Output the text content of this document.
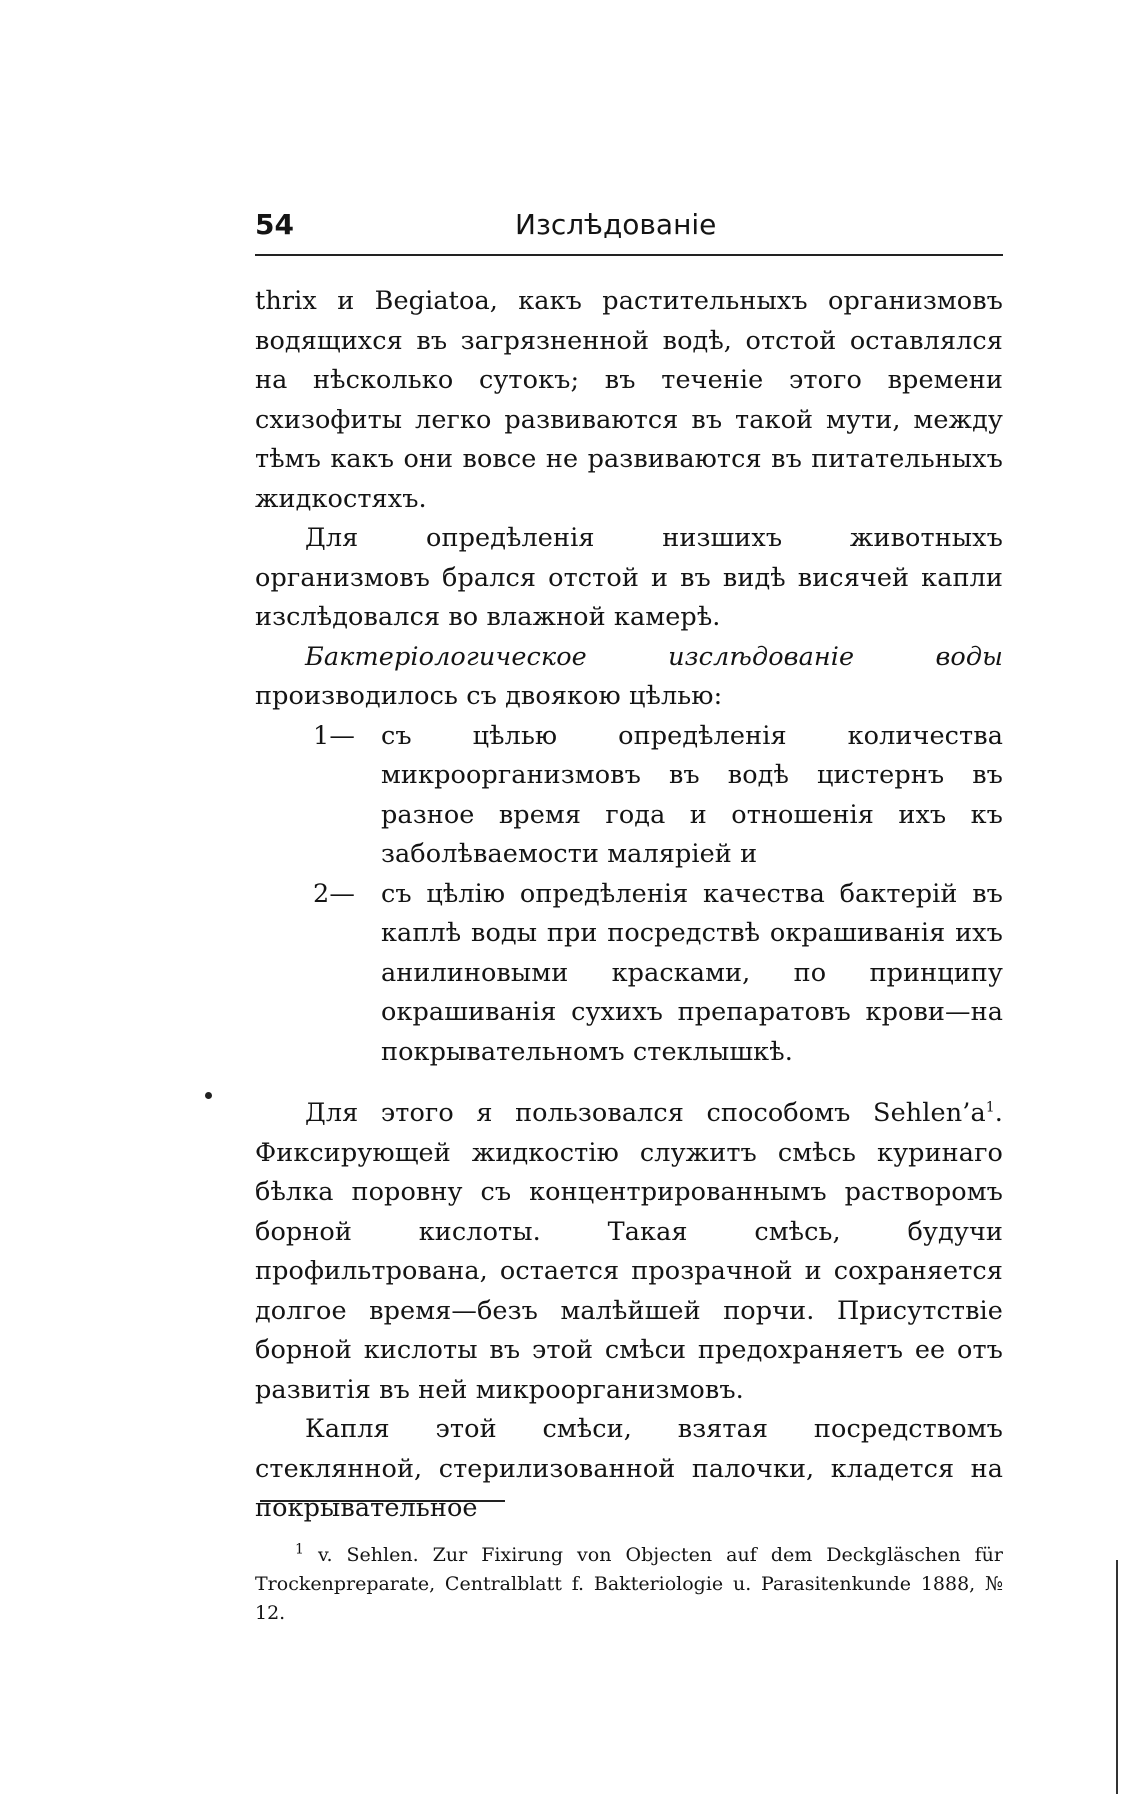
54	Изслѣдованіе

thrix и Begiatoa, какъ растительныхъ организмовъ водящихся въ загрязненной водѣ, отстой оставлялся на нѣсколько сутокъ; въ теченіе этого времени схизофиты легко развиваются въ такой мути, между тѣмъ какъ они вовсе не развиваются въ питательныхъ жидкостяхъ.

Для опредѣленія низшихъ животныхъ организмовъ брался отстой и въ видѣ висячей капли изслѣдовался во влажной камерѣ.

Бактеріологическое изслѣдованіе воды производилось съ двоякою цѣлью:

1—	съ цѣлью опредѣленія количества микроорганизмовъ въ водѣ цистернъ въ разное время года и отношенія ихъ къ заболѣваемости малярiей и
2—	съ цѣлiю опредѣленія качества бактерiй въ каплѣ воды при посредствѣ окрашиванія ихъ анилиновыми красками, по принципу окрашиванія сухихъ препаратовъ крови—на покрывательномъ стеклышкѣ.

Для этого я пользовался способомъ $Sehlen’a^1$. Фиксирующей жидкостію служитъ смѣсь куринаго бѣлка поровну съ концентрированнымъ растворомъ борной кислоты. Такая смѣсь, будучи профильтрована, остается прозрачной и сохраняется долгое время—безъ малѣйшей порчи. Присутствіе борной кислоты въ этой смѣси предохраняетъ ее отъ развитія въ ней микроорганизмовъ.

Капля этой смѣси, взятая посредствомъ стеклянной, стерилизованной палочки, кладется на покрывательное

$^1$ v. Sehlen. Zur Fixirung von Objecten auf dem Deckgläschen für Trockenpreparate, Centralblatt f. Bakteriologie u. Parasitenkunde 1888, № 12.
